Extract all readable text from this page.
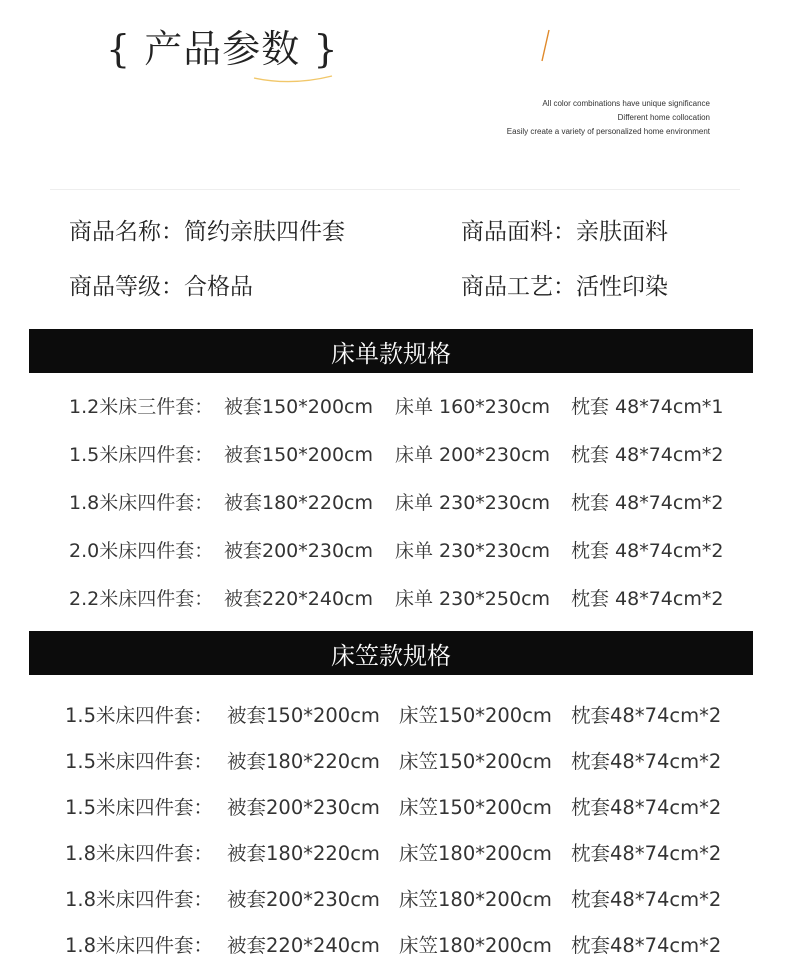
{ 产品参数 }
All color combinations have unique significance
Different home collocation
Easily create a variety of personalized home environment
商品名称：简约亲肤四件套	商品面料：亲肤面料
商品等级：合格品	商品工艺：活性印染
床单款规格
1.2米床三件套： 被套150*200cm 床单 160*230cm 枕套 48*74cm*1
1.5米床四件套： 被套150*200cm 床单 200*230cm 枕套 48*74cm*2
1.8米床四件套： 被套180*220cm 床单 230*230cm 枕套 48*74cm*2
2.0米床四件套： 被套200*230cm 床单 230*230cm 枕套 48*74cm*2
2.2米床四件套： 被套220*240cm 床单 230*250cm 枕套 48*74cm*2
床笠款规格
1.5米床四件套： 被套150*200cm 床笠150*200cm 枕套48*74cm*2
1.5米床四件套： 被套180*220cm 床笠150*200cm 枕套48*74cm*2
1.5米床四件套： 被套200*230cm 床笠150*200cm 枕套48*74cm*2
1.8米床四件套： 被套180*220cm 床笠180*200cm 枕套48*74cm*2
1.8米床四件套： 被套200*230cm 床笠180*200cm 枕套48*74cm*2
1.8米床四件套： 被套220*240cm 床笠180*200cm 枕套48*74cm*2
